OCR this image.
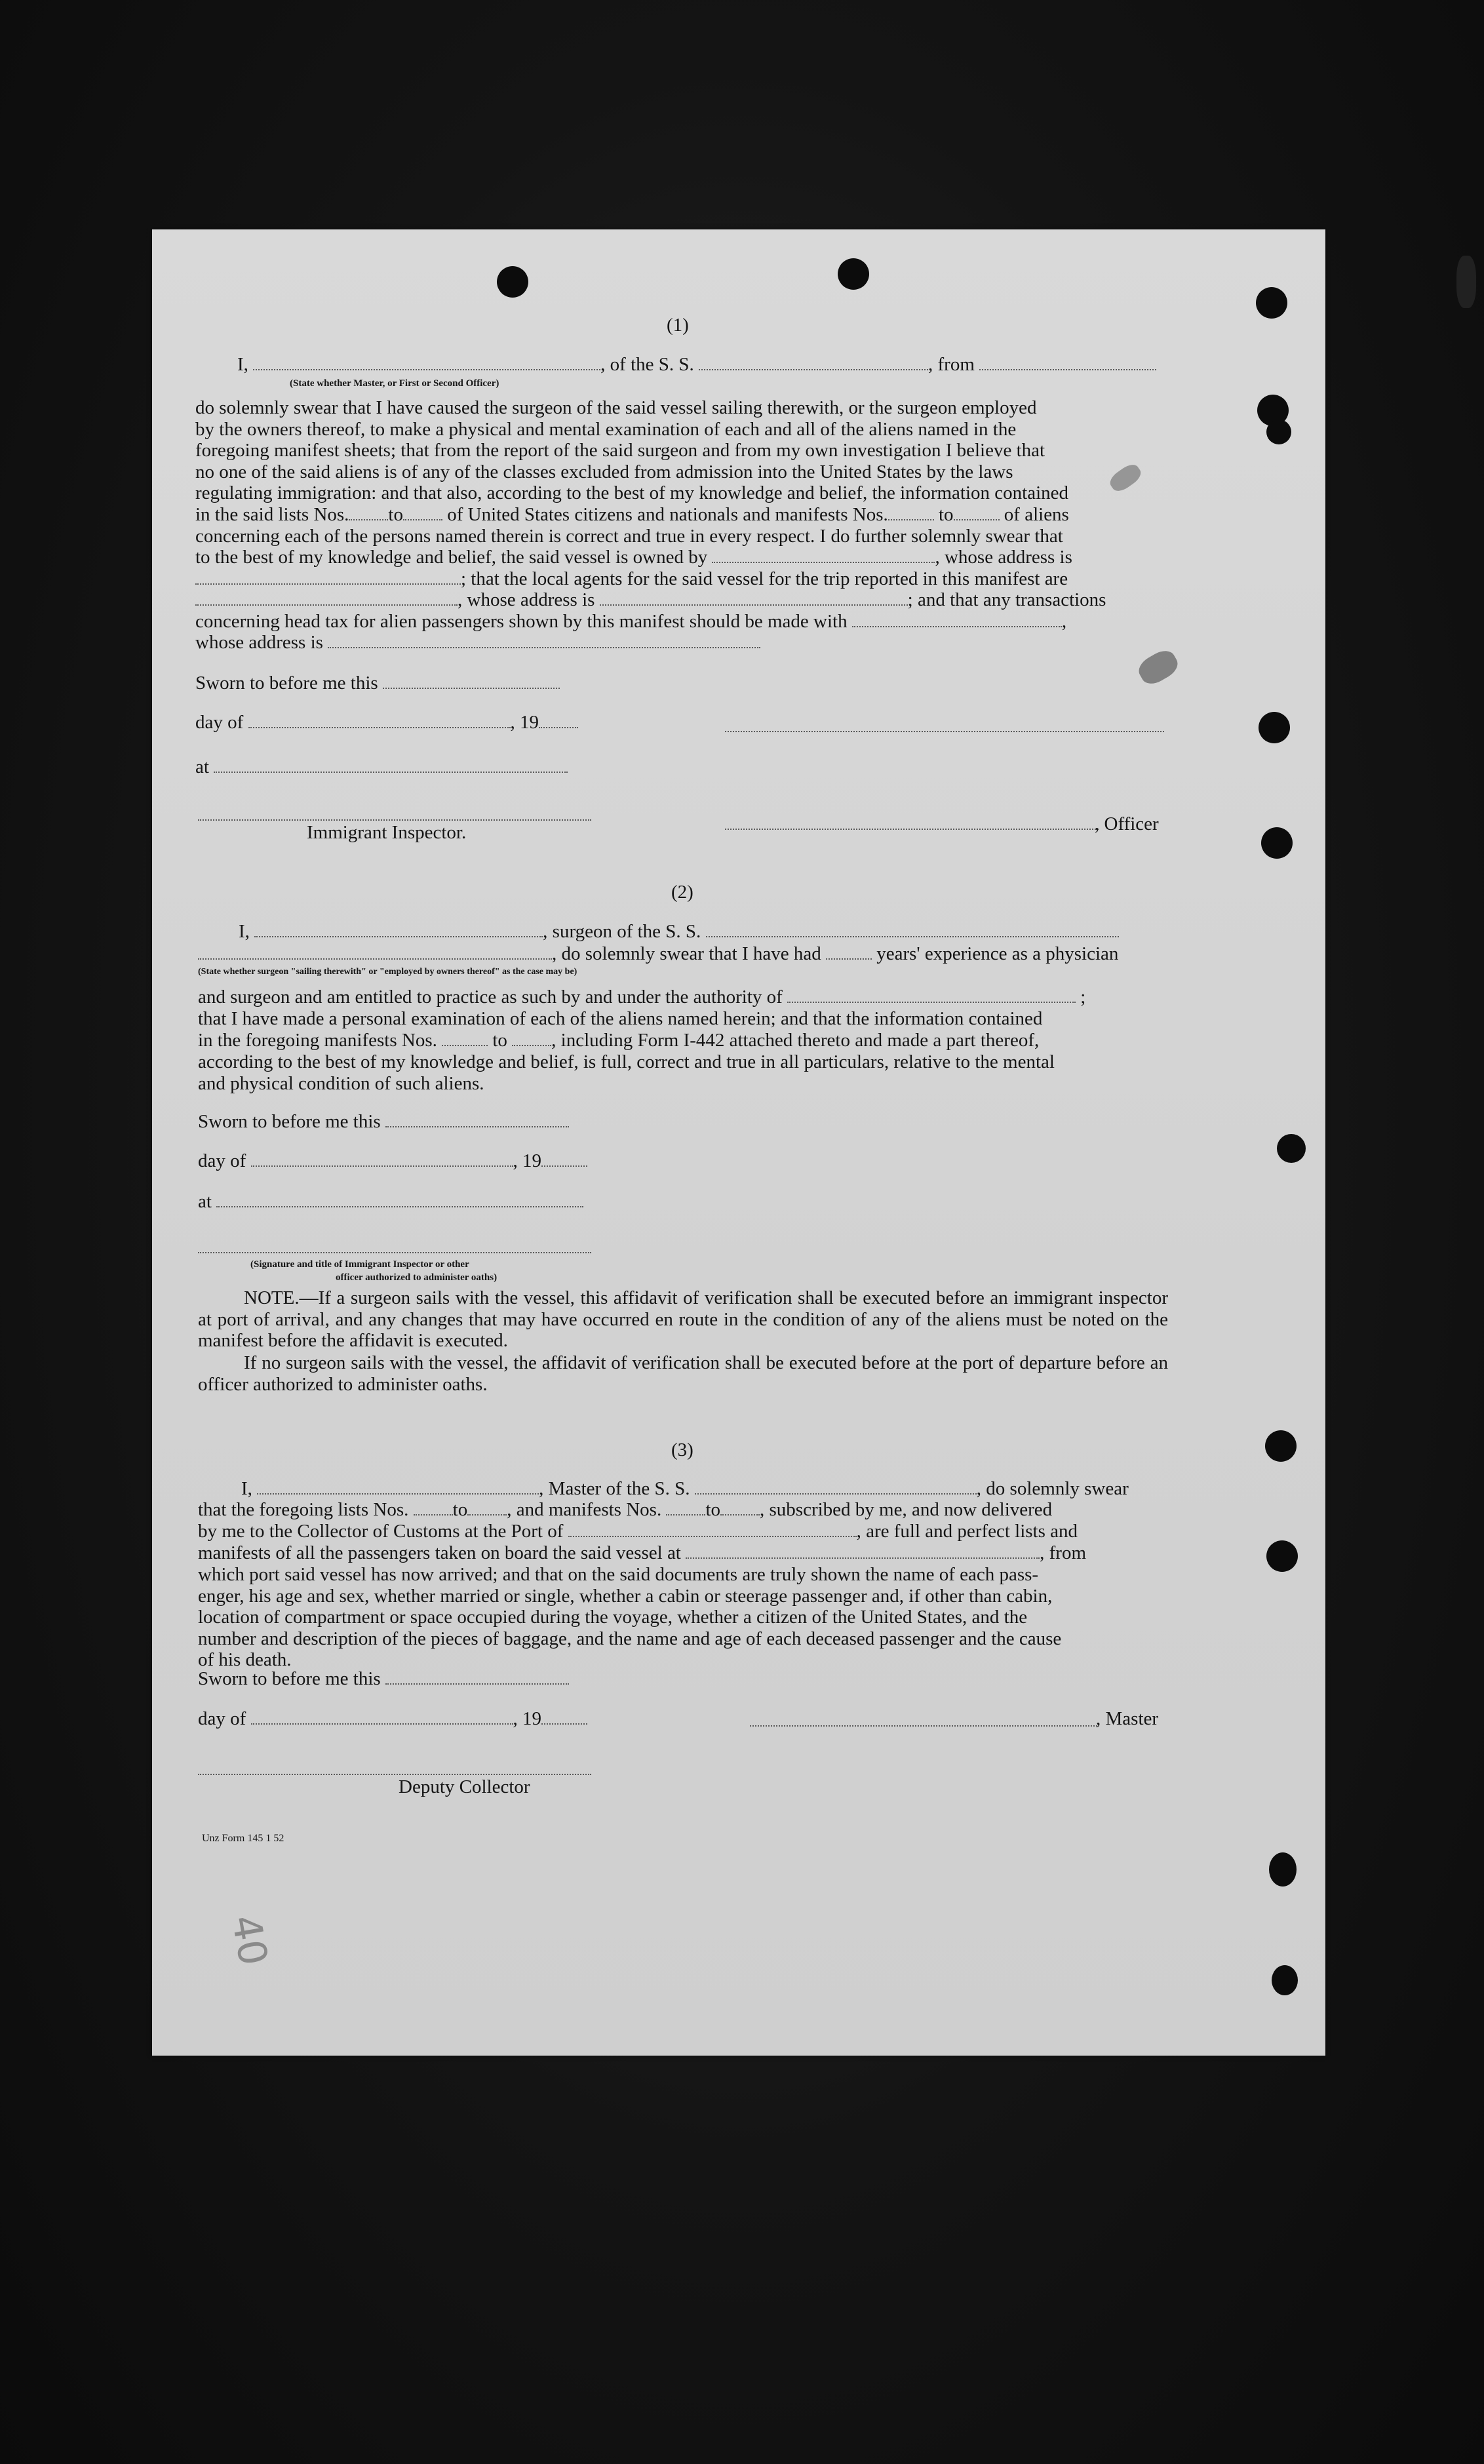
(1)
I,	, of the S. S.	, from
(State whether Master, or First or Second Officer)

do solemnly swear that I have caused the surgeon of the said vessel sailing therewith, or the surgeon employed

by the owners thereof, to make a physical and mental examination of each and all of the aliens named in the

foregoing manifest sheets; that from the report of the said surgeon and from my own investigation I believe that

no one of the said aliens is of any of the classes excluded from admission into the United States by the laws

regulating immigration: and that also, according to the best of my knowledge and belief, the information contained

in the said lists Nos. to of United States citizens and nationals and manifests Nos.	to	of aliens
concerning each of the persons named therein is correct and true in every respect. I do further solemnly swear that
to the best of my knowledge and belief, the said vessel is owned by	, whose address is
; that the local agents for the said vessel for the trip reported in this manifest are
, whose address is	; and that any transactions
concerning head tax for alien passengers shown by this manifest should be made with	,
whose address is
Sworn to before me this
day of	, 19
at
Immigrant Inspector.	, Officer
(2)
I,	, surgeon of the S. S.
, do solemnly swear that I have had	years' experience as a physician
(State whether surgeon "sailing therewith" or "employed by owners thereof" as the case may be)
and surgeon and am entitled to practice as such by and under the authority of	;
that I have made a personal examination of each of the aliens named herein; and that the information contained
in the foregoing manifests Nos.	to , including Form I-442 attached thereto and made a part thereof,
according to the best of my knowledge and belief, is full, correct and true in all particulars, relative to the mental
and physical condition of such aliens.
Sworn to before me this
day of	, 19
at
(Signature and title of Immigrant Inspector or other
officer authorized to administer oaths)

NOTE.—If a surgeon sails with the vessel, this affidavit of verification shall be executed before an immigrant inspector at port of arrival, and any changes that may have occurred en route in the condition of any of the aliens must be noted on the manifest before the affidavit is executed.

If no surgeon sails with the vessel, the affidavit of verification shall be executed before at the port of departure before an officer authorized to administer oaths.

(3)
I,	, Master of the S. S.	, do solemnly swear
that the foregoing lists Nos. to , and manifests Nos. to , subscribed by me, and now delivered
by me to the Collector of Customs at the Port of	, are full and perfect lists and
manifests of all the passengers taken on board the said vessel at	, from

which port said vessel has now arrived; and that on the said documents are truly shown the name of each pass-

enger, his age and sex, whether married or single, whether a cabin or steerage passenger and, if other than cabin,

location of compartment or space occupied during the voyage, whether a citizen of the United States, and the

number and description of the pieces of baggage, and the name and age of each deceased passenger and the cause

of his death.

Sworn to before me this
day of	, 19	, Master
Deputy Collector
Unz Form 145 1 52
40
